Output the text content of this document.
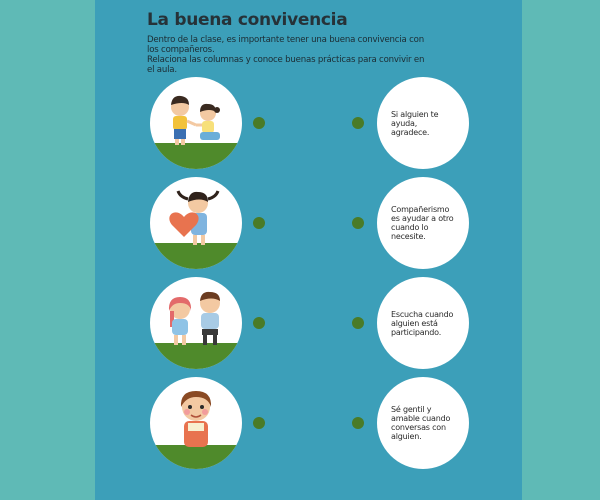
La buena convivencia
Dentro de la clase, es importante tener una buena convivencia con
los compañeros.
Relaciona las columnas y conoce buenas prácticas para convivir en
el aula.
Si alguien te ayuda, agradece.
Compañerismo es ayudar a otro cuando lo necesite.
Escucha cuando alguien está participando.
Sé gentil y amable cuando conversas con alguien.
